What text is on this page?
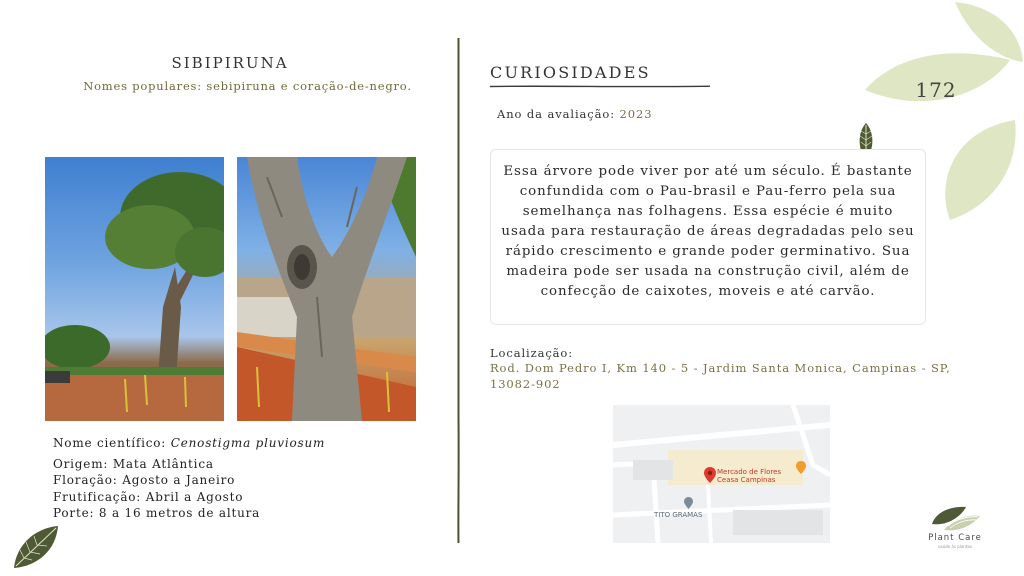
SIBIPIRUNA
Nomes populares: sebipiruna e coração-de-negro.
Nome científico: Cenostigma pluviosum
Origem: Mata Atlântica
Floração: Agosto a Janeiro
Frutificação: Abril a Agosto
Porte: 8 a 16 metros de altura
CURIOSIDADES
Ano da avaliação: 2023
Essa árvore pode viver por até um século. É bastante confundida com o Pau-brasil e Pau-ferro pela sua semelhança nas folhagens. Essa espécie é muito usada para restauração de áreas degradadas pelo seu rápido crescimento e grande poder germinativo. Sua madeira pode ser usada na construção civil, além de confecção de caixotes, moveis e até carvão.
Localização:
Rod. Dom Pedro I, Km 140 - 5 - Jardim Santa Monica, Campinas - SP, 13082-902
Mercado de Flores
Ceasa Campinas
TITO GRAMAS
172
Plant Care
saúde às plantas
